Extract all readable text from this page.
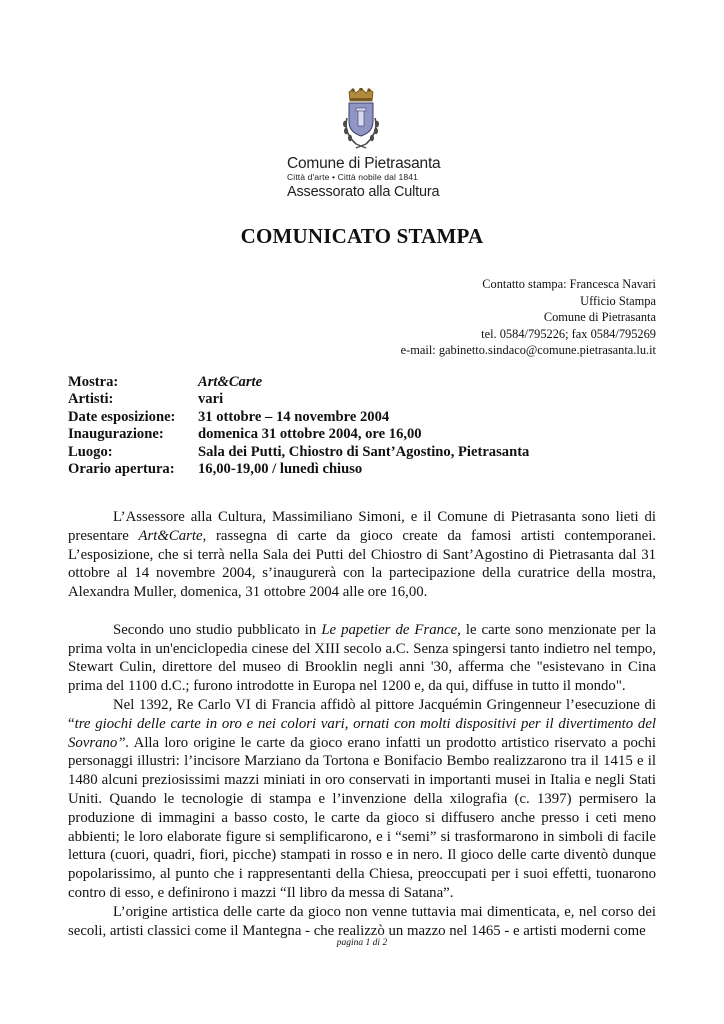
Comune di Pietrasanta
Città d'arte • Città nobile dal 1841
Assessorato alla Cultura
COMUNICATO STAMPA
Contatto stampa: Francesca Navari
Ufficio Stampa
Comune di Pietrasanta
tel. 0584/795226; fax 0584/795269
e-mail: gabinetto.sindaco@comune.pietrasanta.lu.it
Mostra:	Art&Carte
Artisti:	vari
Date esposizione:	31 ottobre – 14 novembre 2004
Inaugurazione:	domenica 31 ottobre 2004, ore 16,00
Luogo:	Sala dei Putti, Chiostro di Sant’Agostino, Pietrasanta
Orario apertura:	16,00-19,00 / lunedì chiuso

L’Assessore alla Cultura, Massimiliano Simoni, e il Comune di Pietrasanta sono lieti di presentare Art&Carte, rassegna di carte da gioco create da famosi artisti contemporanei. L’esposizione, che si terrà nella Sala dei Putti del Chiostro di Sant’Agostino di Pietrasanta dal 31 ottobre al 14 novembre 2004, s’inaugurerà con la partecipazione della curatrice della mostra, Alexandra Muller, domenica, 31 ottobre 2004 alle ore 16,00.

Secondo uno studio pubblicato in Le papetier de France, le carte sono menzionate per la prima volta in un'enciclopedia cinese del XIII secolo a.C. Senza spingersi tanto indietro nel tempo, Stewart Culin, direttore del museo di Brooklin negli anni '30, afferma che "esistevano in Cina prima del 1100 d.C.; furono introdotte in Europa nel 1200 e, da qui, diffuse in tutto il mondo".

Nel 1392, Re Carlo VI di Francia affidò al pittore Jacquémin Gringenneur l’esecuzione di “tre giochi delle carte in oro e nei colori vari, ornati con molti dispositivi per il divertimento del Sovrano”. Alla loro origine le carte da gioco erano infatti un prodotto artistico riservato a pochi personaggi illustri: l’incisore Marziano da Tortona e Bonifacio Bembo realizzarono tra il 1415 e il 1480 alcuni preziosissimi mazzi miniati in oro conservati in importanti musei in Italia e negli Stati Uniti. Quando le tecnologie di stampa e l’invenzione della xilografia (c. 1397) permisero la produzione di immagini a basso costo, le carte da gioco si diffusero anche presso i ceti meno abbienti; le loro elaborate figure si semplificarono, e i “semi” si trasformarono in simboli di facile lettura (cuori, quadri, fiori, picche) stampati in rosso e in nero. Il gioco delle carte diventò dunque popolarissimo, al punto che i rappresentanti della Chiesa, preoccupati per i suoi effetti, tuonarono contro di esso, e definirono i mazzi “Il libro da messa di Satana”.

L’origine artistica delle carte da gioco non venne tuttavia mai dimenticata, e, nel corso dei secoli, artisti classici come il Mantegna - che realizzò un mazzo nel 1465 - e artisti moderni come

pagina 1 di 2
